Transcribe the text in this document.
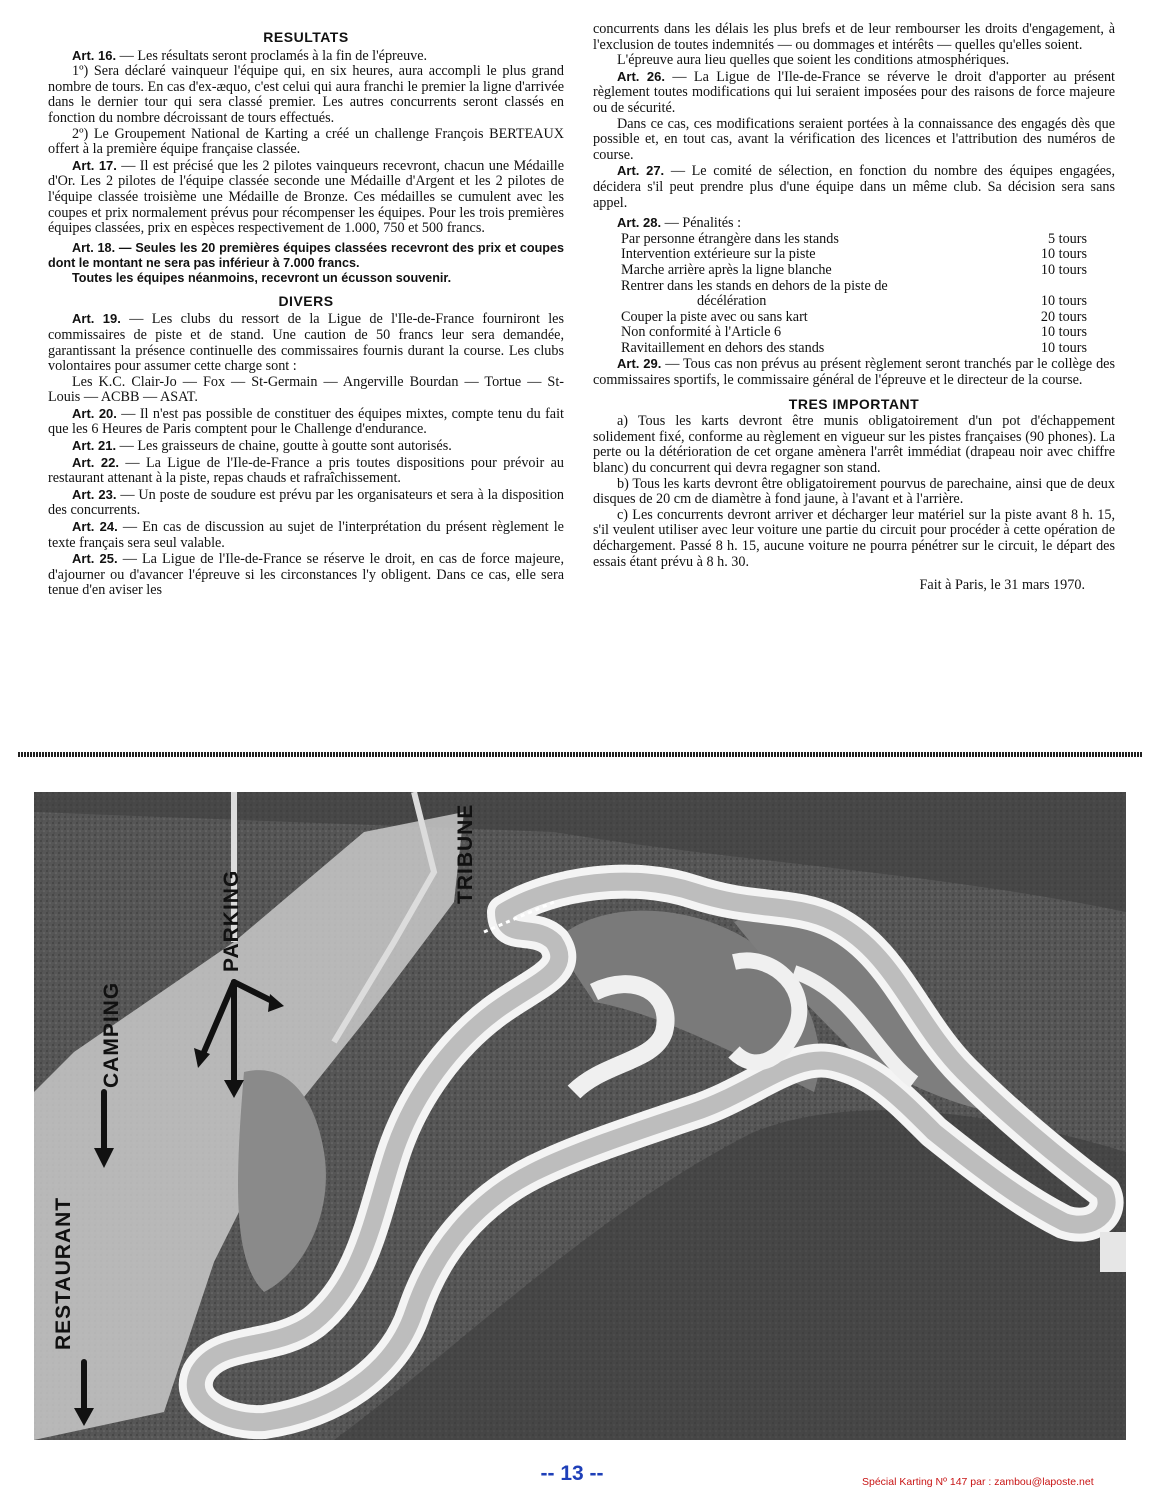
RESULTATS

Art. 16. — Les résultats seront proclamés à la fin de l'épreuve.

1º) Sera déclaré vainqueur l'équipe qui, en six heures, aura accompli le plus grand nombre de tours. En cas d'ex-æquo, c'est celui qui aura franchi le premier la ligne d'arrivée dans le dernier tour qui sera classé premier. Les autres concurrents seront classés en fonction du nombre décroissant de tours effectués.

2º) Le Groupement National de Karting a créé un challenge François BERTEAUX offert à la première équipe française classée.

Art. 17. — Il est précisé que les 2 pilotes vainqueurs recevront, chacun une Médaille d'Or. Les 2 pilotes de l'équipe classée seconde une Médaille d'Argent et les 2 pilotes de l'équipe classée troisième une Médaille de Bronze. Ces médailles se cumulent avec les coupes et prix normalement prévus pour récompenser les équipes. Pour les trois premières équipes classées, prix en espèces respectivement de 1.000, 750 et 500 francs.

Art. 18. — Seules les 20 premières équipes classées recevront des prix et coupes dont le montant ne sera pas inférieur à 7.000 francs.

Toutes les équipes néanmoins, recevront un écusson souvenir.

DIVERS

Art. 19. — Les clubs du ressort de la Ligue de l'Ile-de-France fourniront les commissaires de piste et de stand. Une caution de 50 francs leur sera demandée, garantissant la présence continuelle des commissaires fournis durant la course. Les clubs volontaires pour assumer cette charge sont :

Les K.C. Clair-Jo — Fox — St-Germain — Angerville Bourdan — Tortue — St-Louis — ACBB — ASAT.

Art. 20. — Il n'est pas possible de constituer des équipes mixtes, compte tenu du fait que les 6 Heures de Paris comptent pour le Challenge d'endurance.

Art. 21. — Les graisseurs de chaine, goutte à goutte sont autorisés.

Art. 22. — La Ligue de l'Ile-de-France a pris toutes dispositions pour prévoir au restaurant attenant à la piste, repas chauds et rafraîchissement.

Art. 23. — Un poste de soudure est prévu par les organisateurs et sera à la disposition des concurrents.

Art. 24. — En cas de discussion au sujet de l'interprétation du présent règlement le texte français sera seul valable.

Art. 25. — La Ligue de l'Ile-de-France se réserve le droit, en cas de force majeure, d'ajourner ou d'avancer l'épreuve si les circonstances l'y obligent. Dans ce cas, elle sera tenue d'en aviser les

concurrents dans les délais les plus brefs et de leur rembourser les droits d'engagement, à l'exclusion de toutes indemnités — ou dommages et intérêts — quelles qu'elles soient.

L'épreuve aura lieu quelles que soient les conditions atmosphériques.

Art. 26. — La Ligue de l'Ile-de-France se réverve le droit d'apporter au présent règlement toutes modifications qui lui seraient imposées pour des raisons de force majeure ou de sécurité.

Dans ce cas, ces modifications seraient portées à la connaissance des engagés dès que possible et, en tout cas, avant la vérification des licences et l'attribution des numéros de course.

Art. 27. — Le comité de sélection, en fonction du nombre des équipes engagées, décidera s'il peut prendre plus d'une équipe dans un même club. Sa décision sera sans appel.

Art. 28. — Pénalités :

Par personne étrangère dans les stands	5 tours
Intervention extérieure sur la piste	10 tours
Marche arrière après la ligne blanche	10 tours
Rentrer dans les stands en dehors de la piste de
décélération	10 tours
Couper la piste avec ou sans kart	20 tours
Non conformité à l'Article 6	10 tours
Ravitaillement en dehors des stands	10 tours

Art. 29. — Tous cas non prévus au présent règlement seront tranchés par le collège des commissaires sportifs, le commissaire général de l'épreuve et le directeur de la course.

TRES IMPORTANT

a) Tous les karts devront être munis obligatoirement d'un pot d'échappement solidement fixé, conforme au règlement en vigueur sur les pistes françaises (90 phones). La perte ou la détérioration de cet organe amènera l'arrêt immédiat (drapeau noir avec chiffre blanc) du concurrent qui devra regagner son stand.

b) Tous les karts devront être obligatoirement pourvus de parechaine, ainsi que de deux disques de 20 cm de diamètre à fond jaune, à l'avant et à l'arrière.

c) Les concurrents devront arriver et décharger leur matériel sur la piste avant 8 h. 15, s'il veulent utiliser avec leur voiture une partie du circuit pour procéder à cette opération de déchargement. Passé 8 h. 15, aucune voiture ne pourra pénétrer sur le circuit, le départ des essais étant prévu à 8 h. 30.

Fait à Paris, le 31 mars 1970.
TRIBUNE
PARKING
CAMPING
RESTAURANT
-- 13 --	Spécial Karting Nº 147 par : zambou@laposte.net
